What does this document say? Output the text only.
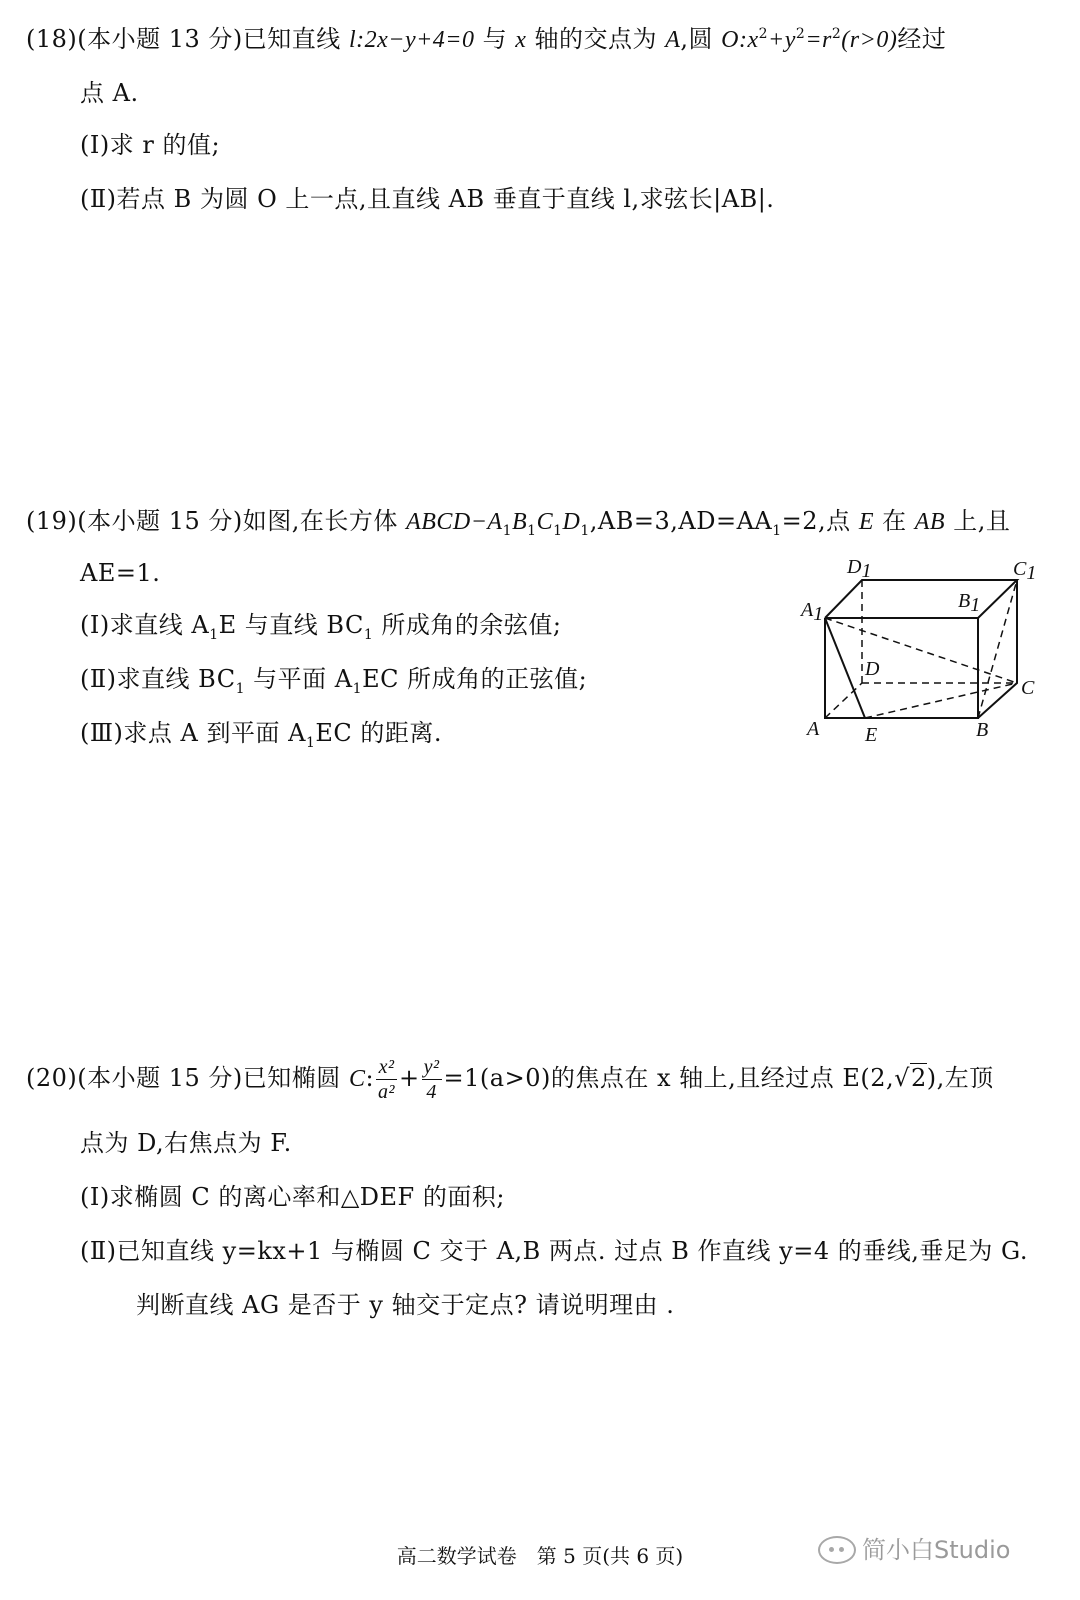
(18)(本小题 13 分)已知直线 l:2x−y+4=0 与 x 轴的交点为 A,圆 $O:x^2+y^2=r^2(r>0)$经过
点 A.
(Ⅰ)求 r 的值;
(Ⅱ)若点 B 为圆 O 上一点,且直线 AB 垂直于直线 l,求弦长|AB|.
(19)(本小题 15 分)如图,在长方体 $ABCD-A_1B_1C_1D_1,AB=3,AD=AA_1=2$,点 E 在 AB 上,且
AE=1.
(Ⅰ)求直线 $A_1E$ 与直线 $BC_1$ 所成角的余弦值;
(Ⅱ)求直线 $BC_1$ 与平面 $A_1EC$ 所成角的正弦值;
(Ⅲ)求点 A 到平面 $A_1EC$ 的距离.
D1	C1
A1
B1
D
C
A E	B
(20)(本小题 15 分)已知椭圆 C: $\frac{\text{x²}}{\text{a²}} + \frac{\text{y²}}{4} =1(a>0)$的焦点在 x 轴上,且经过点 E(2,√2),左顶
点为 D,右焦点为 F.
(Ⅰ)求椭圆 C 的离心率和△DEF 的面积;
(Ⅱ)已知直线 y=kx+1 与椭圆 C 交于 A,B 两点. 过点 B 作直线 y=4 的垂线,垂足为 G.
判断直线 AG 是否于 y 轴交于定点? 请说明理由 .
高二数学试卷　第 5 页(共 6 页)	简小白Studio
